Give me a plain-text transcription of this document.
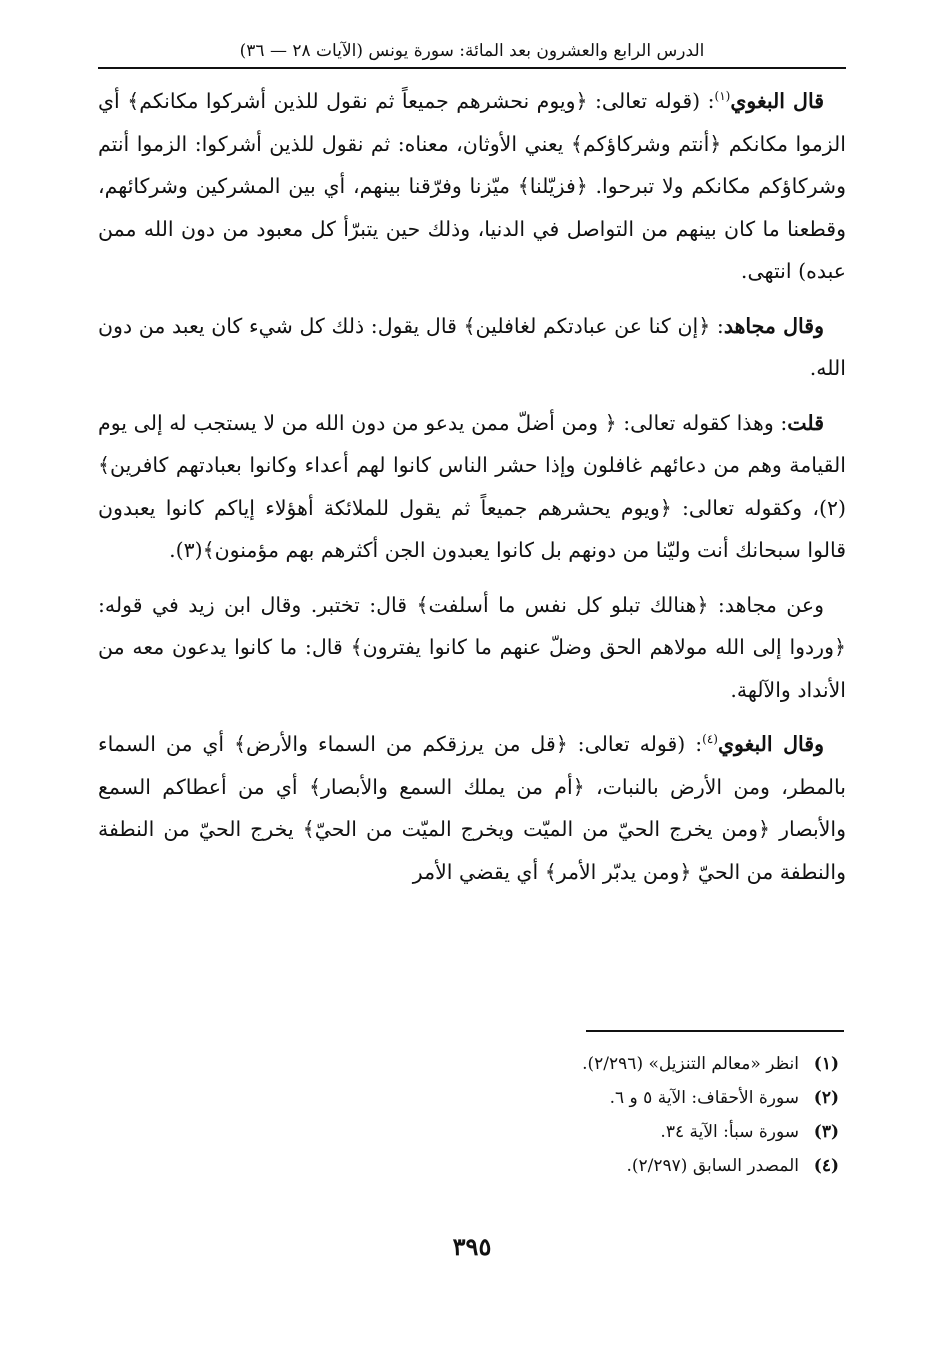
الدرس الرابع والعشرون بعد المائة: سورة يونس (الآيات ٢٨ — ٣٦)

قال البغوي$^{(١)}$: (قوله تعالى: ﴿ويوم نحشرهم جميعاً ثم نقول للذين أشركوا مكانكم﴾ أي الزموا مكانكم ﴿أنتم وشركاؤكم﴾ يعني الأوثان، معناه: ثم نقول للذين أشركوا: الزموا أنتم وشركاؤكم مكانكم ولا تبرحوا. ﴿فزيّلنا﴾ ميّزنا وفرّقنا بينهم، أي بين المشركين وشركائهم، وقطعنا ما كان بينهم من التواصل في الدنيا، وذلك حين يتبرّأ كل معبود من دون الله ممن عبده) انتهى.

وقال مجاهد: ﴿إن كنا عن عبادتكم لغافلين﴾ قال يقول: ذلك كل شيء كان يعبد من دون الله.

قلت: وهذا كقوله تعالى: ﴿ ومن أضلّ ممن يدعو من دون الله من لا يستجب له إلى يوم القيامة وهم من دعائهم غافلون وإذا حشر الناس كانوا لهم أعداء وكانوا بعبادتهم كافرين﴾(٢)، وكقوله تعالى: ﴿ويوم يحشرهم جميعاً ثم يقول للملائكة أهؤلاء إياكم كانوا يعبدون قالوا سبحانك أنت وليّنا من دونهم بل كانوا يعبدون الجن أكثرهم بهم مؤمنون﴾(٣).

وعن مجاهد: ﴿هنالك تبلو كل نفس ما أسلفت﴾ قال: تختبر. وقال ابن زيد في قوله: ﴿وردوا إلى الله مولاهم الحق وضلّ عنهم ما كانوا يفترون﴾ قال: ما كانوا يدعون معه من الأنداد والآلهة.

وقال البغوي$^{(٤)}$: (قوله تعالى: ﴿قل من يرزقكم من السماء والأرض﴾ أي من السماء بالمطر، ومن الأرض بالنبات، ﴿أم من يملك السمع والأبصار﴾ أي من أعطاكم السمع والأبصار ﴿ومن يخرج الحيّ من الميّت ويخرج الميّت من الحيّ﴾ يخرج الحيّ من النطفة والنطفة من الحيّ ﴿ومن يدبّر الأمر﴾ أي يقضي الأمر

(١)
انظر «معالم التنزيل» (٢/٢٩٦).
(٢)
سورة الأحقاف: الآية ٥ و ٦.
(٣)
سورة سبأ: الآية ٣٤.
(٤)
المصدر السابق (٢/٢٩٧).
٣٩٥
